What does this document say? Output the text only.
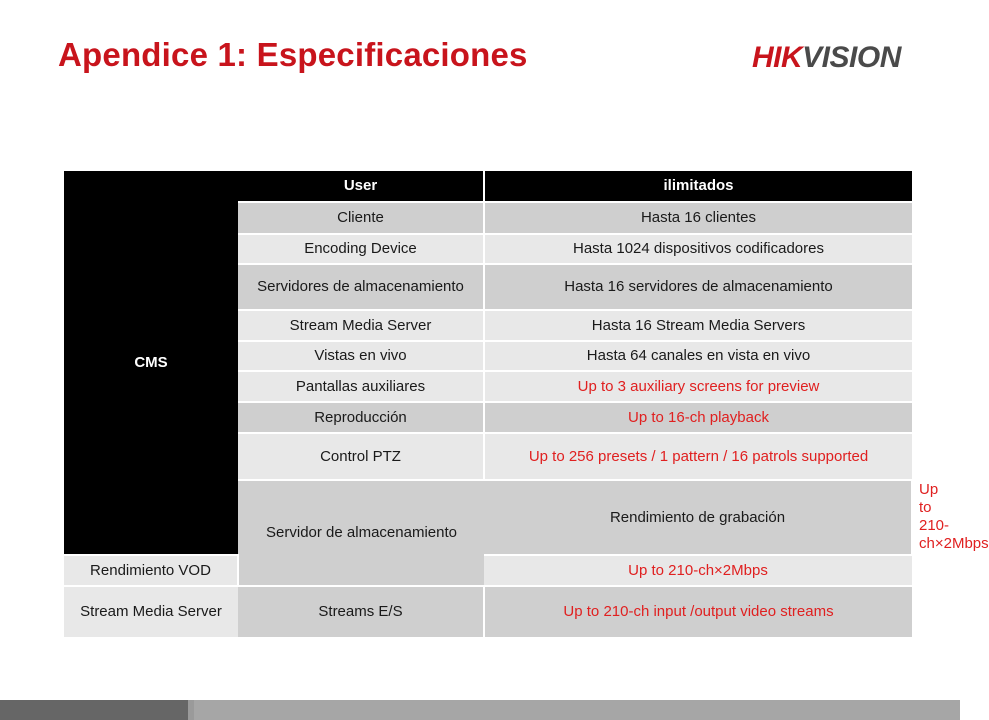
Apendice 1: Especificaciones	HIKVISION
CMS	User	ilimitados	
	Cliente	Hasta 16 clientes	
	Encoding Device	Hasta 1024 dispositivos codificadores	
	Servidores de almacenamiento	Hasta 16 servidores de almacenamiento	
	Stream Media Server	Hasta 16 Stream Media Servers	
	Vistas en vivo	Hasta 64 canales en vista en vivo	
	Pantallas auxiliares	Up to 3 auxiliary screens for preview	
	Reproducción	Up to 16-ch playback	
	Control PTZ	Up to 256 presets / 1 pattern / 16 patrols supported	
	Servidor de almacenamiento	Rendimiento de grabación	Up to 210-ch×2Mbps
Rendimiento VOD		Up to 210-ch×2Mbps	
Stream Media Server	Streams E/S	Up to 210-ch input /output video streams	
